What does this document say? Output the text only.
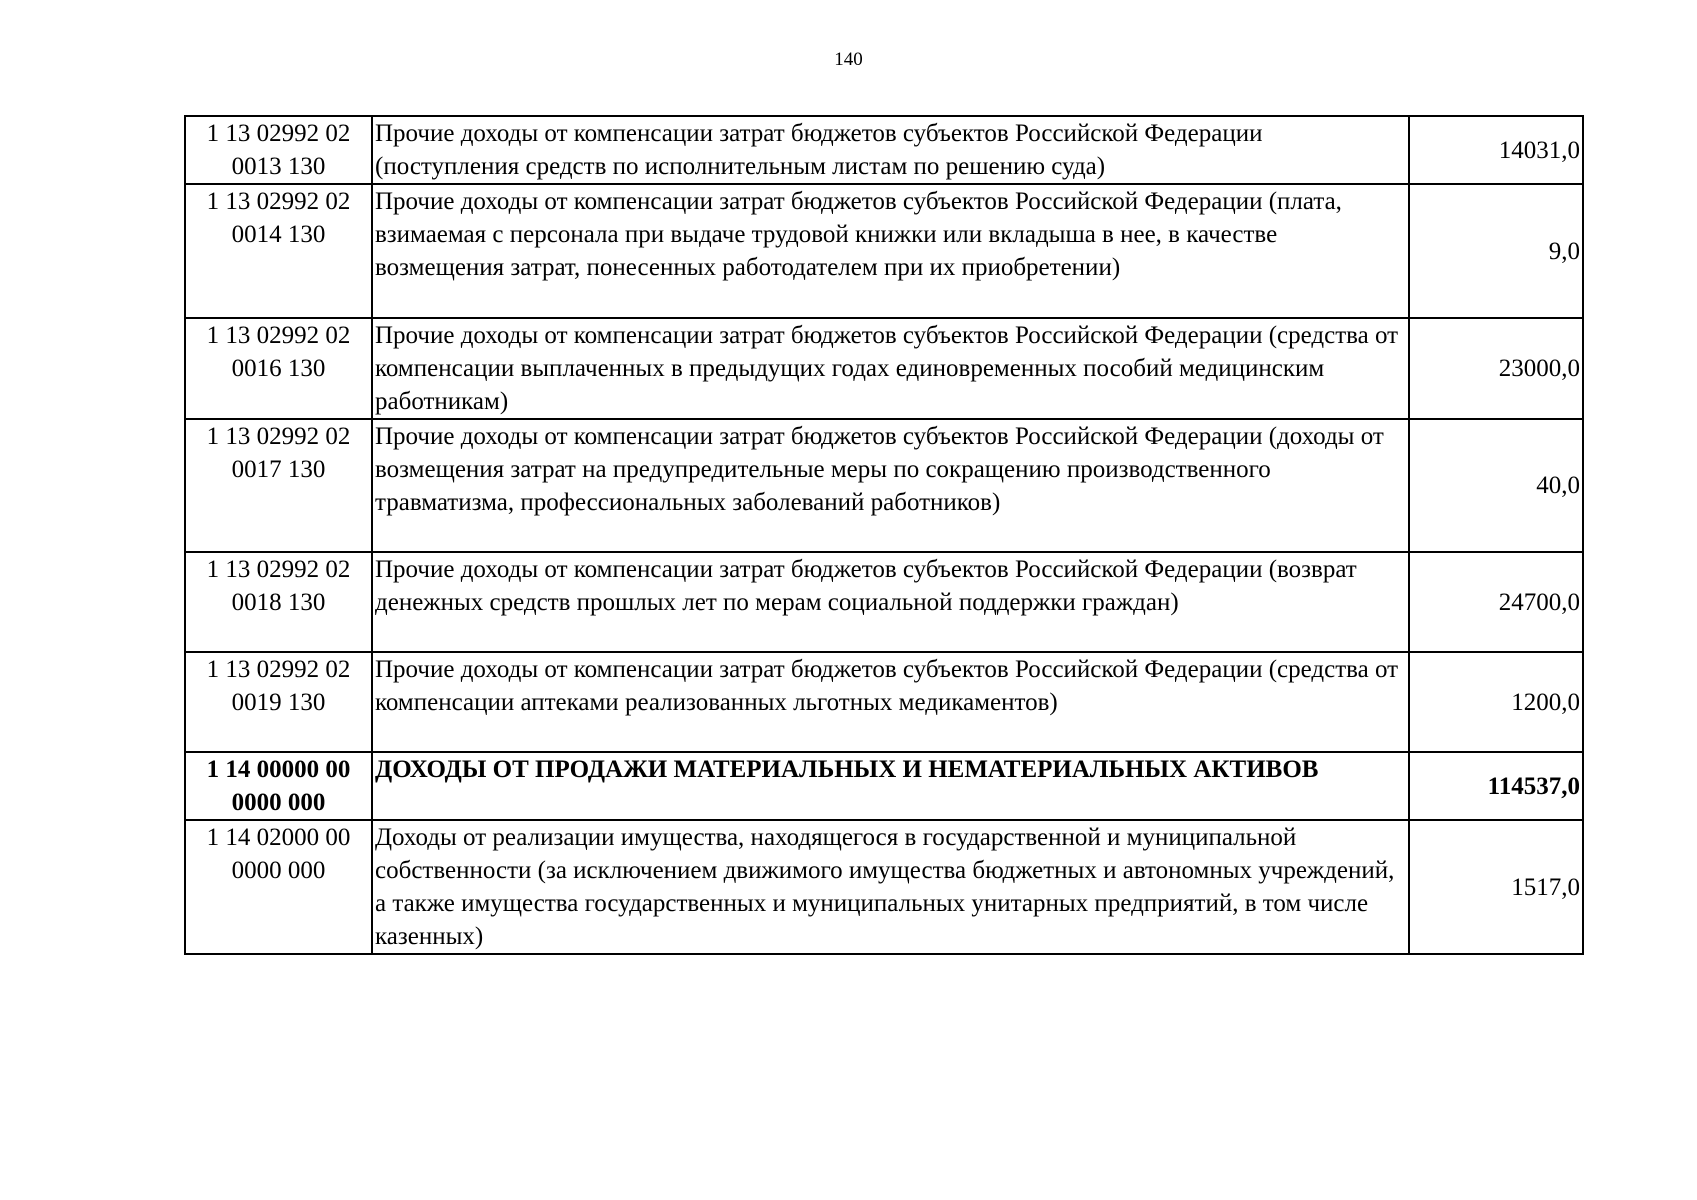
140
1 13 02992 02
0013 130	Прочие доходы от компенсации затрат бюджетов субъектов Российской Федерации (поступления средств по исполнительным листам по решению суда)	14031,0

1 13 02992 02
0014 130	Прочие доходы от компенсации затрат бюджетов субъектов Российской Федерации (плата, взимаемая с персонала при выдаче трудовой книжки или вкладыша в нее, в качестве возмещения затрат, понесенных работодателем при их приобретении)	9,0

1 13 02992 02
0016 130	Прочие доходы от компенсации затрат бюджетов субъектов Российской Федерации (средства от компенсации выплаченных в предыдущих годах единовременных пособий медицинским работникам)	23000,0

1 13 02992 02
0017 130	Прочие доходы от компенсации затрат бюджетов субъектов Российской Федерации (доходы от возмещения затрат на предупредительные меры по сокращению производственного травматизма, профессиональных заболеваний работников)	40,0

1 13 02992 02
0018 130	Прочие доходы от компенсации затрат бюджетов субъектов Российской Федерации (возврат денежных средств прошлых лет по мерам социальной поддержки граждан)	24700,0

1 13 02992 02
0019 130	Прочие доходы от компенсации затрат бюджетов субъектов Российской Федерации (средства от компенсации аптеками реализованных льготных медикаментов)	1200,0

1 14 00000 00
0000 000	ДОХОДЫ ОТ ПРОДАЖИ МАТЕРИАЛЬНЫХ И НЕМАТЕРИАЛЬНЫХ АКТИВОВ	114537,0

1 14 02000 00
0000 000	Доходы от реализации имущества, находящегося в государственной и муниципальной собственности (за исключением движимого имущества бюджетных и автономных учреждений, а также имущества государственных и муниципальных унитарных предприятий, в том числе казенных)	1517,0
